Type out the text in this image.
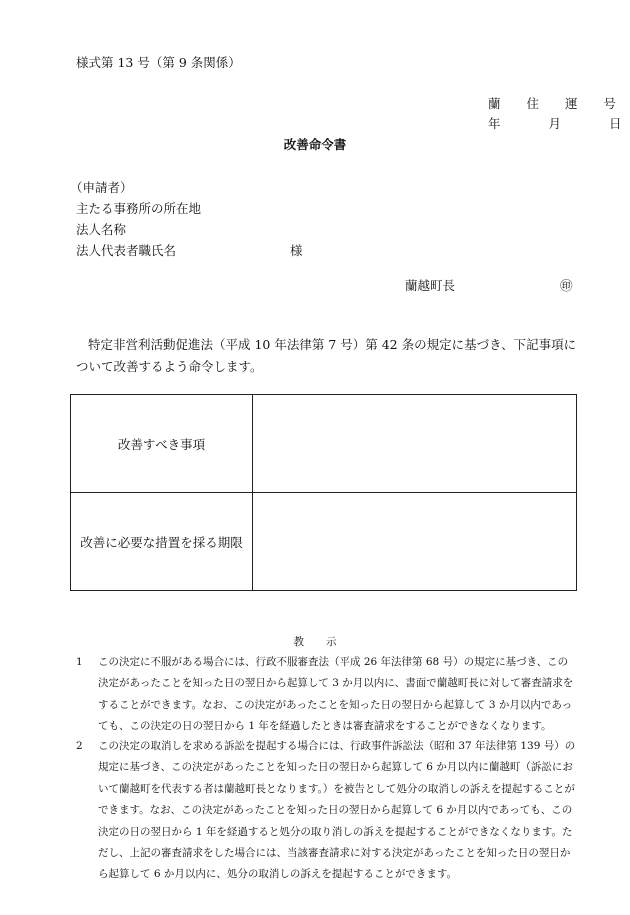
様式第 13 号（第 9 条関係）
蘭 住 運 号
年	月	日
改善命令書
（申請者）
主たる事務所の所在地
法人名称
法人代表者職氏名	様
蘭越町長	㊞
特定非営利活動促進法（平成 10 年法律第 7 号）第 42 条の規定に基づき、下記事項について改善するよう命令します。
改善すべき事項	
改善に必要な措置を採る期限	
教示
1	この決定に不服がある場合には、行政不服審査法（平成 26 年法律第 68 号）の規定に基づき、この決定があったことを知った日の翌日から起算して 3 か月以内に、書面で蘭越町長に対して審査請求をすることができます。なお、この決定があったことを知った日の翌日から起算して 3 か月以内であっても、この決定の日の翌日から 1 年を経過したときは審査請求をすることができなくなります。
2	この決定の取消しを求める訴訟を提起する場合には、行政事件訴訟法（昭和 37 年法律第 139 号）の規定に基づき、この決定があったことを知った日の翌日から起算して 6 か月以内に蘭越町（訴訟において蘭越町を代表する者は蘭越町長となります。）を被告として処分の取消しの訴えを提起することができます。なお、この決定があったことを知った日の翌日から起算して 6 か月以内であっても、この決定の日の翌日から 1 年を経過すると処分の取り消しの訴えを提起することができなくなります。ただし、上記の審査請求をした場合には、当該審査請求に対する決定があったことを知った日の翌日から起算して 6 か月以内に、処分の取消しの訴えを提起することができます。
